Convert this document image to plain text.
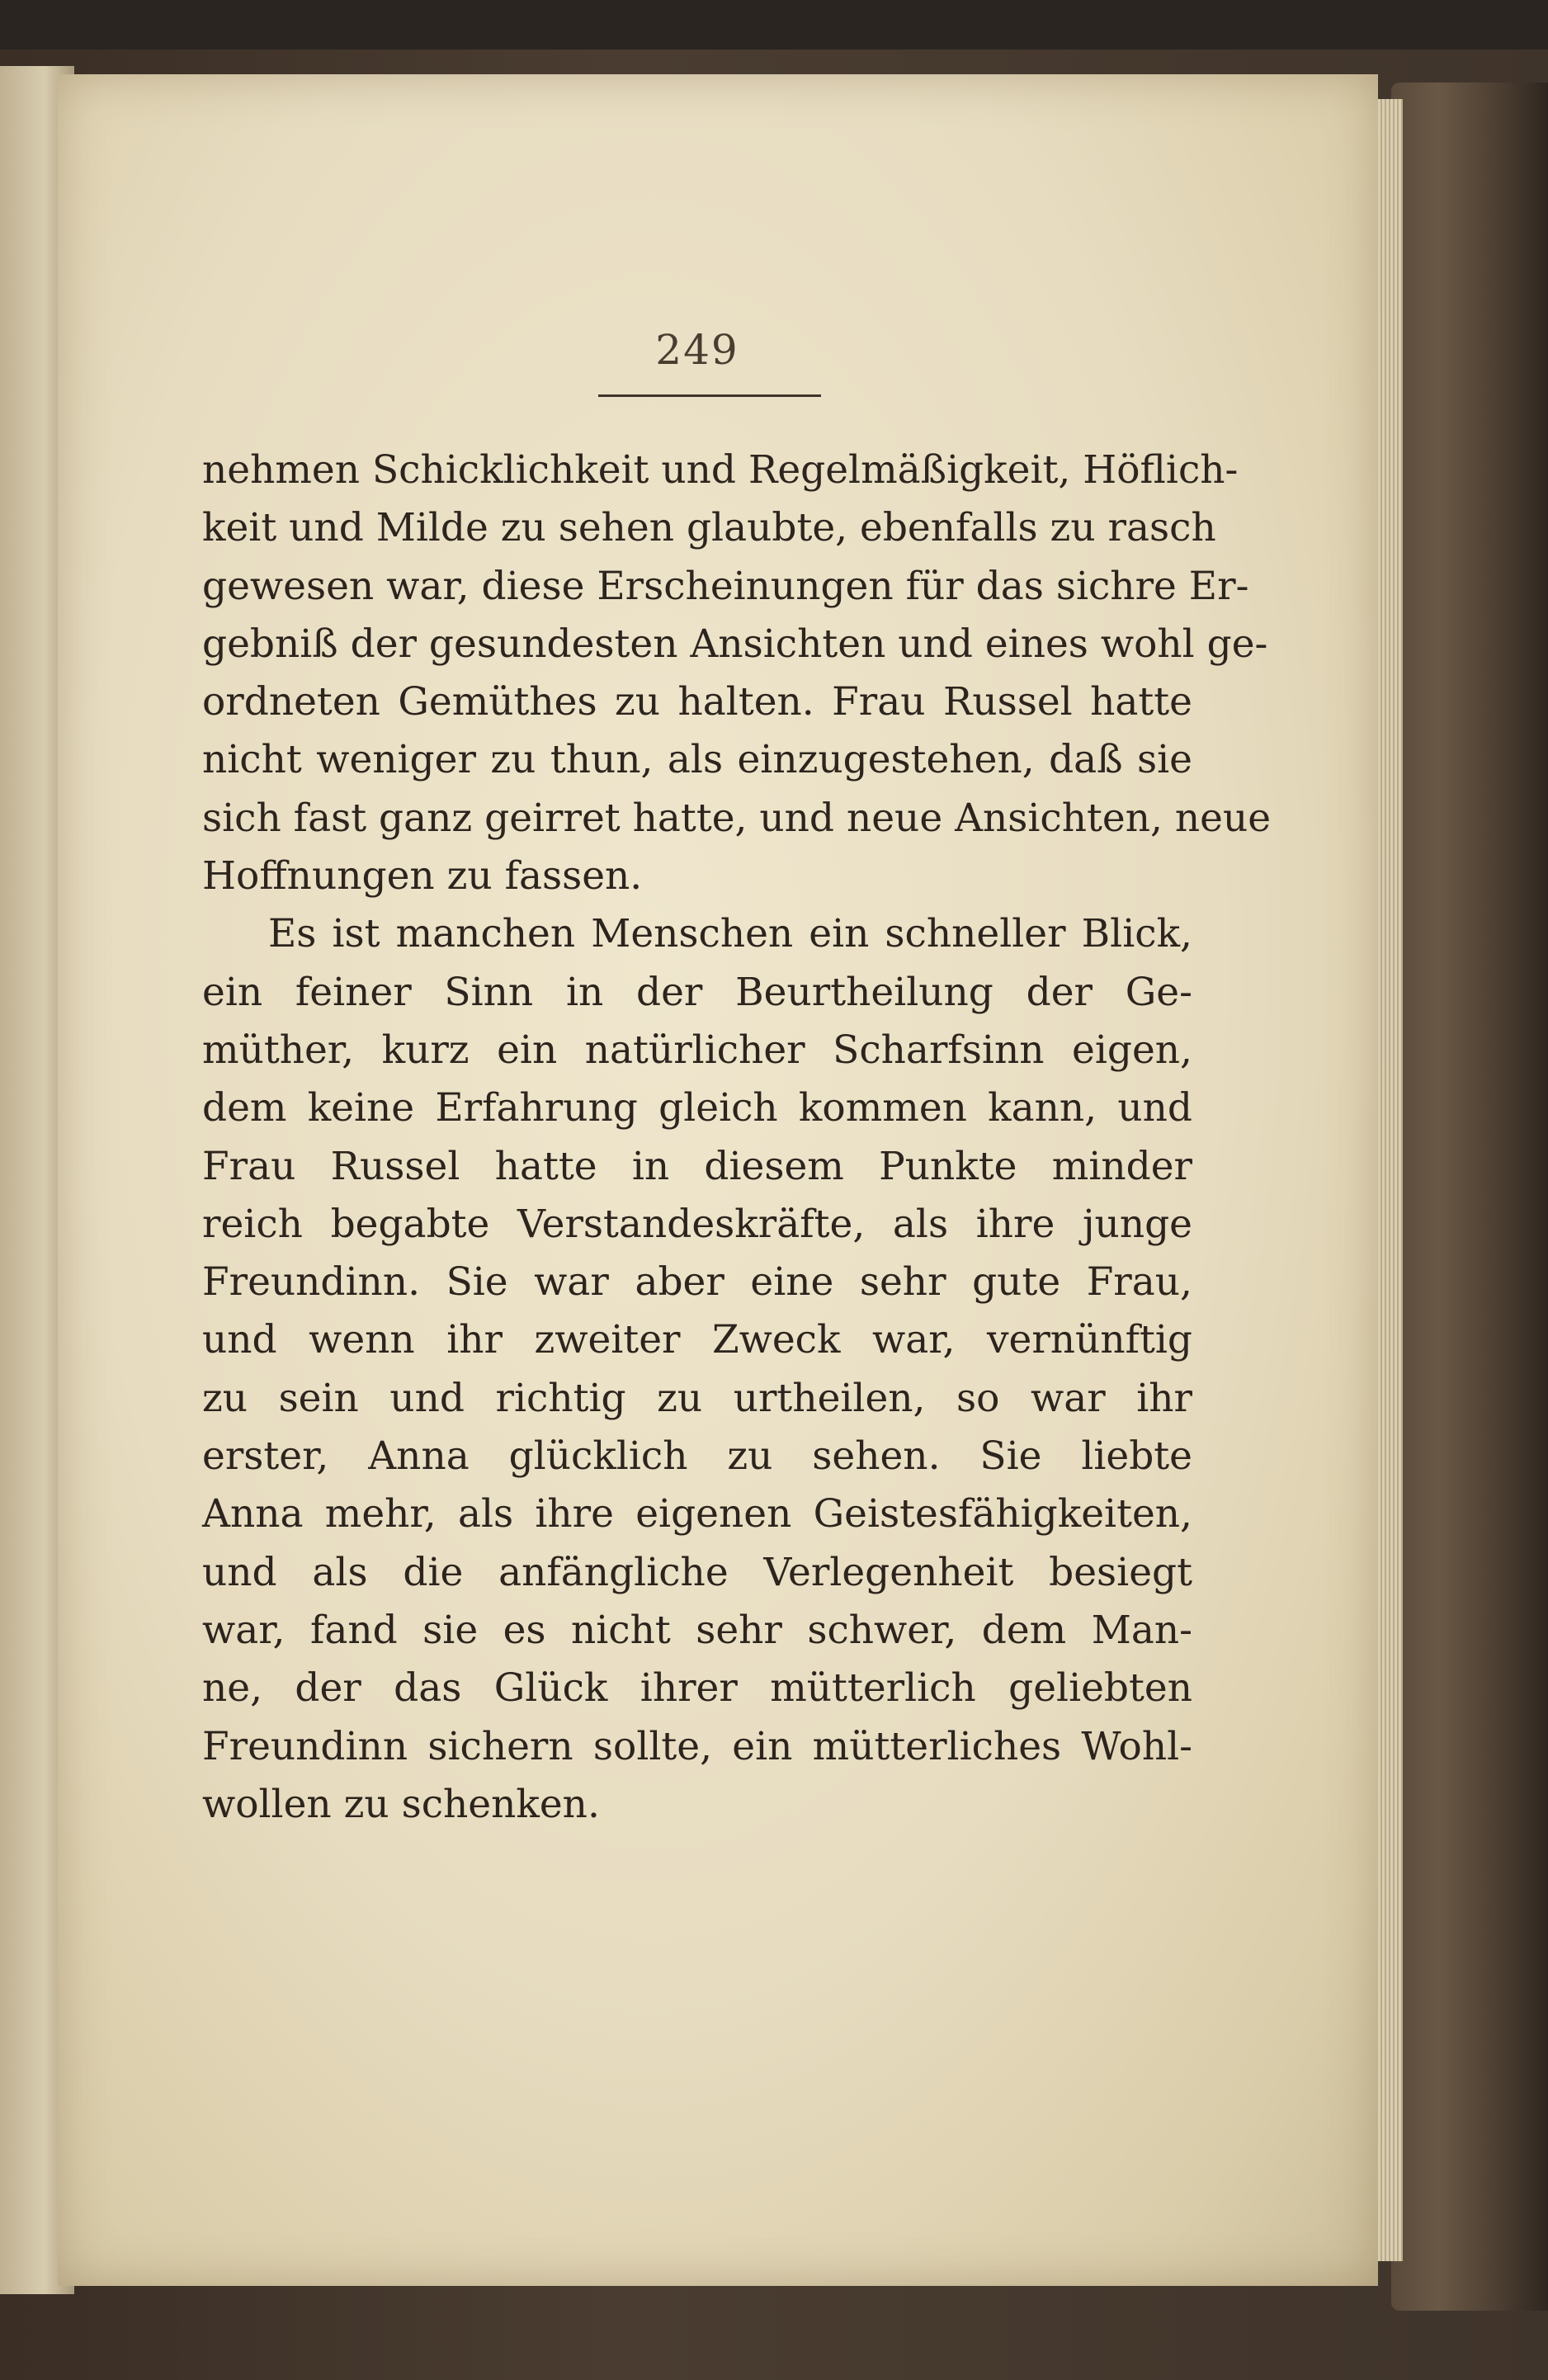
249
nehmen Schicklichkeit und Regelmäßigkeit, Höflich-
keit und Milde zu sehen glaubte, ebenfalls zu rasch
gewesen war, diese Erscheinungen für das sichre Er-
gebniß der gesundesten Ansichten und eines wohl ge-
ordneten Gemüthes zu halten. Frau Russel hatte
nicht weniger zu thun, als einzugestehen, daß sie
sich fast ganz geirret hatte, und neue Ansichten, neue
Hoffnungen zu fassen.
Es ist manchen Menschen ein schneller Blick,
ein feiner Sinn in der Beurtheilung der Ge-
müther, kurz ein natürlicher Scharfsinn eigen,
dem keine Erfahrung gleich kommen kann, und
Frau Russel hatte in diesem Punkte minder
reich begabte Verstandeskräfte, als ihre junge
Freundinn. Sie war aber eine sehr gute Frau,
und wenn ihr zweiter Zweck war, vernünftig
zu sein und richtig zu urtheilen, so war ihr
erster, Anna glücklich zu sehen. Sie liebte
Anna mehr, als ihre eigenen Geistesfähigkeiten,
und als die anfängliche Verlegenheit besiegt
war, fand sie es nicht sehr schwer, dem Man-
ne, der das Glück ihrer mütterlich geliebten
Freundinn sichern sollte, ein mütterliches Wohl-
wollen zu schenken.
